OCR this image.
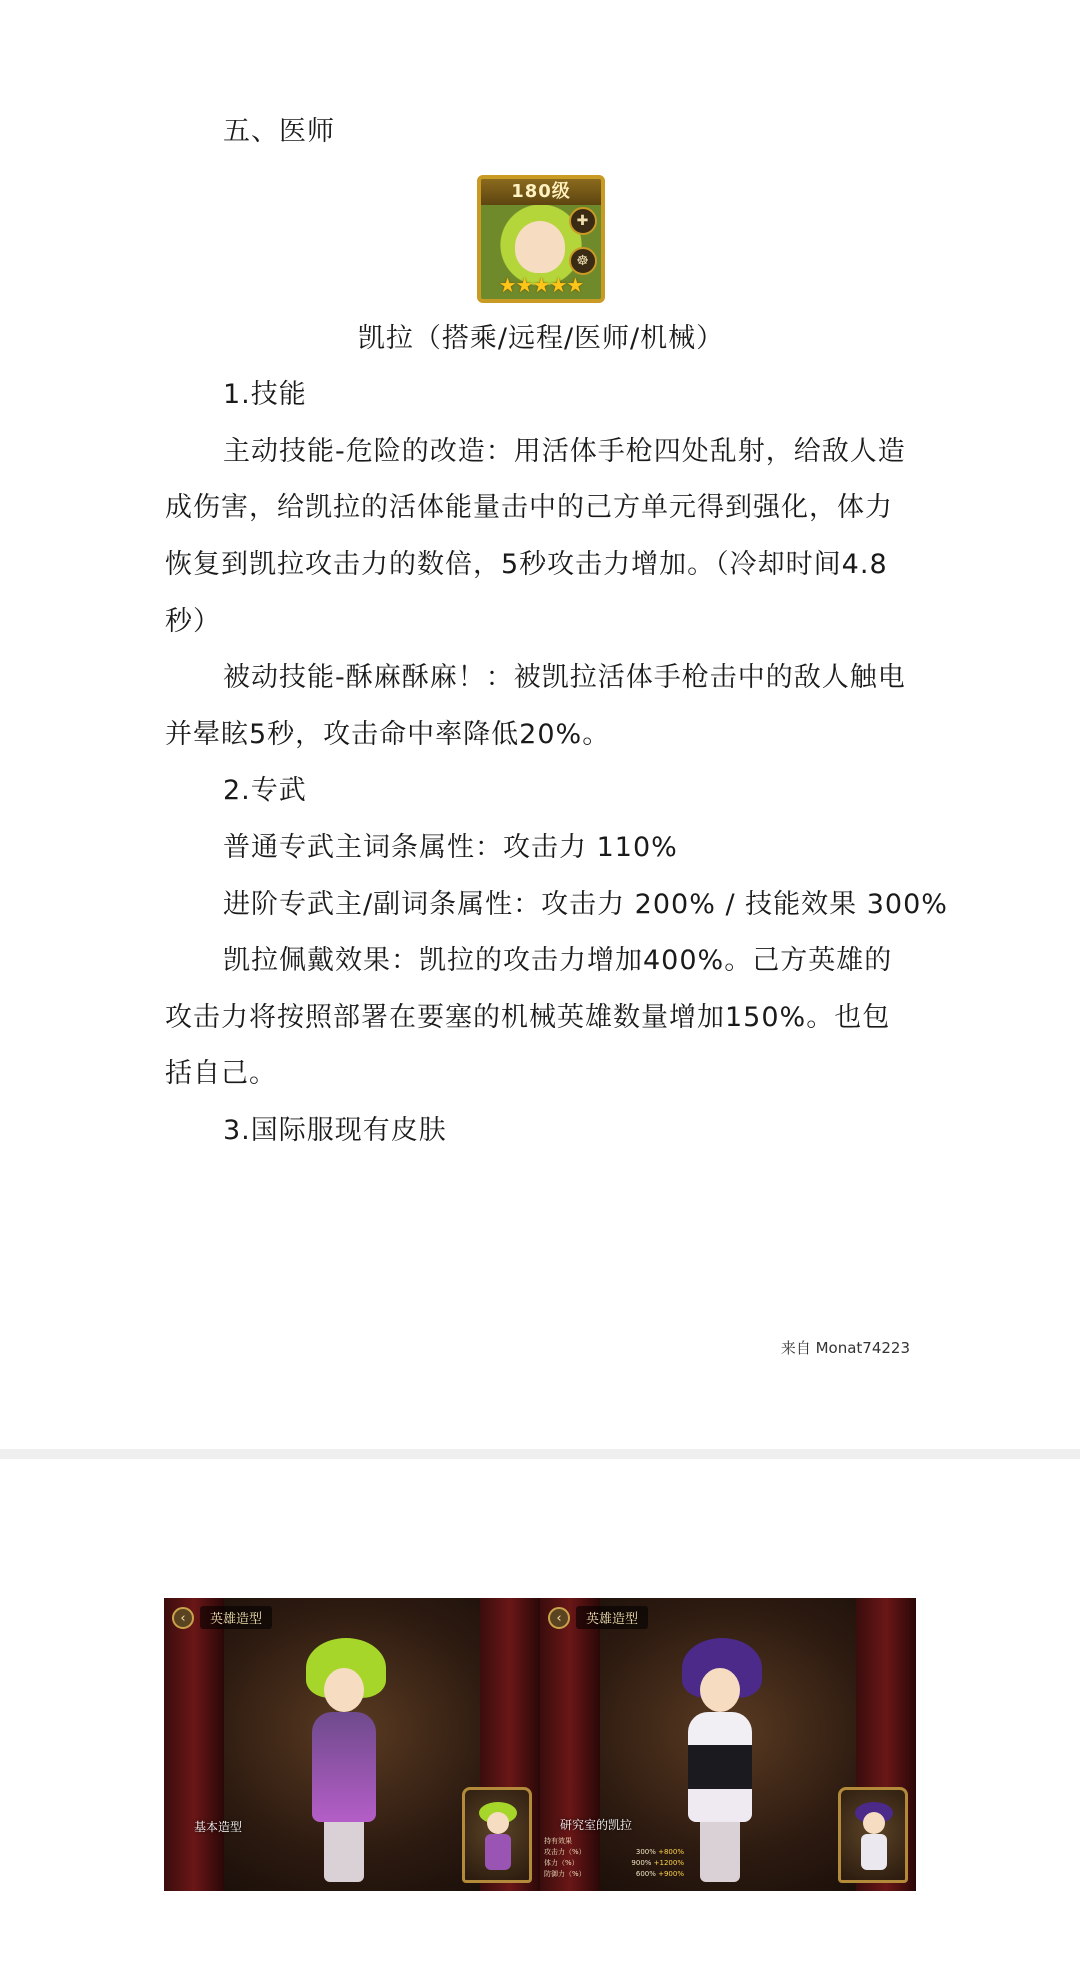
五、医师
180级
✚
☸
★★★★★
凯拉（搭乘/远程/医师/机械）
1.技能
主动技能-危险的改造：用活体手枪四处乱射，给敌人造成伤害，给凯拉的活体能量击中的己方单元得到强化，体力恢复到凯拉攻击力的数倍，5秒攻击力增加。（冷却时间4.8秒）
被动技能-酥麻酥麻！：被凯拉活体手枪击中的敌人触电并晕眩5秒，攻击命中率降低20%。
2.专武
普通专武主词条属性：攻击力 110%
进阶专武主/副词条属性：攻击力 200% / 技能效果 300%
凯拉佩戴效果：凯拉的攻击力增加400%。己方英雄的攻击力将按照部署在要塞的机械英雄数量增加150%。也包括自己。
3.国际服现有皮肤
来自 Monat74223
‹	英雄造型
基本造型
‹	英雄造型
研究室的凯拉
持有效果
攻击力（%）	300% +800%
体力（%）	900% +1200%
防御力（%）	600% +900%
